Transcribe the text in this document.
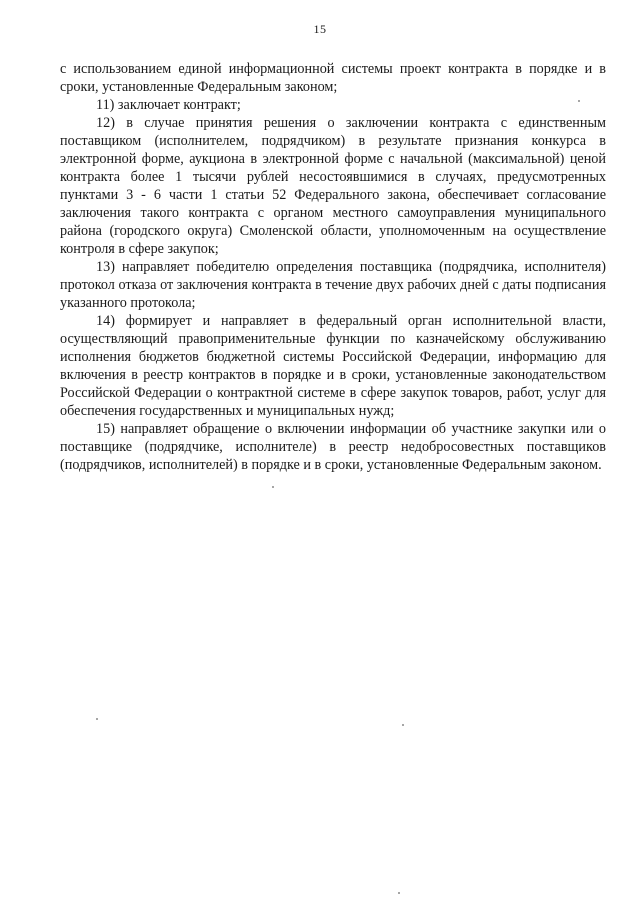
15

с использованием единой информационной системы проект контракта в порядке и в сроки, установленные Федеральным законом;

11) заключает контракт;

12) в случае принятия решения о заключении контракта с единственным поставщиком (исполнителем, подрядчиком) в результате признания конкурса в электронной форме, аукциона в электронной форме с начальной (максимальной) ценой контракта более 1 тысячи рублей несостоявшимися в случаях, предусмотренных пунктами 3 - 6 части 1 статьи 52 Федерального закона, обеспечивает согласование заключения такого контракта с органом местного самоуправления муниципального района (городского округа) Смоленской области, уполномоченным на осуществление контроля в сфере закупок;

13) направляет победителю определения поставщика (подрядчика, исполнителя) протокол отказа от заключения контракта в течение двух рабочих дней с даты подписания указанного протокола;

14) формирует и направляет в федеральный орган исполнительной власти, осуществляющий правоприменительные функции по казначейскому обслуживанию исполнения бюджетов бюджетной системы Российской Федерации, информацию для включения в реестр контрактов в порядке и в сроки, установленные законодательством Российской Федерации о контрактной системе в сфере закупок товаров, работ, услуг для обеспечения государственных и муниципальных нужд;

15) направляет обращение о включении информации об участнике закупки или о поставщике (подрядчике, исполнителе) в реестр недобросовестных поставщиков (подрядчиков, исполнителей) в порядке и в сроки, установленные Федеральным законом.
